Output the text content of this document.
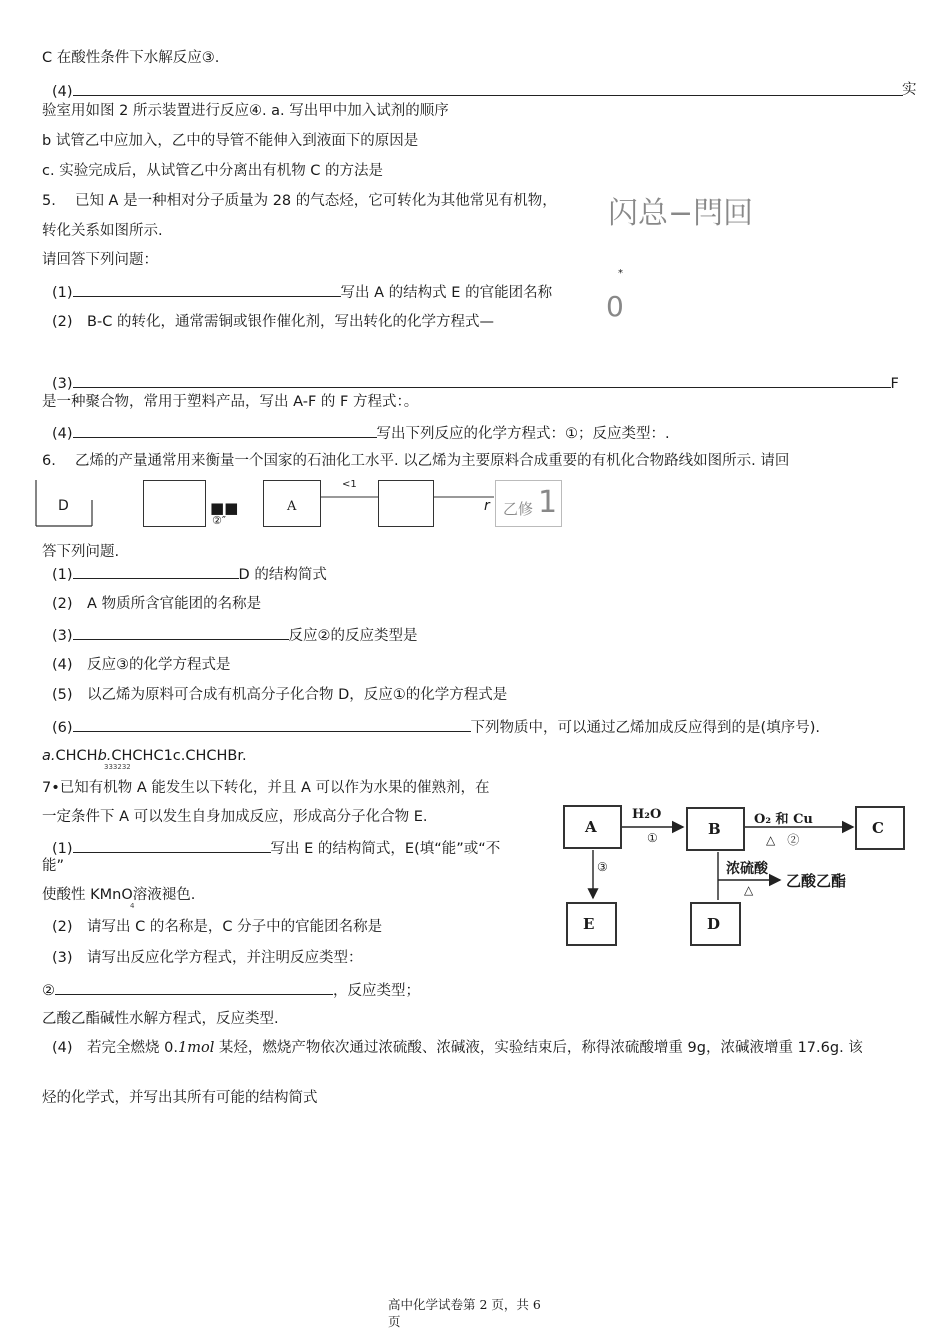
C 在酸性条件下水解反应③.
(4)	实
验室用如图 2 所示装置进行反应④. a. 写出甲中加入试剂的顺序
b 试管乙中应加入，乙中的导管不能伸入到液面下的原因是
c. 实验完成后，从试管乙中分离出有机物 C 的方法是
5.　 已知 A 是一种相对分子质量为 28 的气态烃，它可转化为其他常见有机物，
转化关系如图所示.
请回答下列问题：
闪总−閂回
*
0
(1)	写出 A 的结构式 E 的官能团名称
(2)　B-C 的转化，通常需铜或银作催化剂，写出转化的化学方程式—
(3)	F
是一种聚合物，常用于塑料产品，写出 A-F 的 F 方程式：。
(4)	写出下列反应的化学方程式：①；反应类型：.
6.　 乙烯的产量通常用来衡量一个国家的石油化工水平. 以乙烯为主要原料合成重要的有机化合物路线如图所示. 请回
D	■■
②″
A
<1
r 乙修 1
答下列问题.
(1)	D 的结构简式
(2)　A 物质所含官能团的名称是
(3)	反应②的反应类型是
(4)　反应③的化学方程式是
(5)　以乙烯为原料可合成有机高分子化合物 D，反应①的化学方程式是
(6)	下列物质中，可以通过乙烯加成反应得到的是(填序号).
a.CHCHb.CHCHC1c.CHCHBr.
333232
7•已知有机物 A 能发生以下转化，并且 A 可以作为水果的催熟剂，在
一定条件下 A 可以发生自身加成反应，形成高分子化合物 E.
(1)	写出 E 的结构简式，E(填“能”或“不
能”
使酸性 KMnO溶液褪色.
4
(2)　请写出 C 的名称是，C 分子中的官能团名称是
(3)　请写出反应化学方程式，并注明反应类型：
②	，反应类型；
乙酸乙酯碱性水解方程式，反应类型.
(4)　若完全燃烧 0.1mol 某烃，燃烧产物依次通过浓硫酸、浓碱液，实验结束后，称得浓硫酸增重 9g，浓碱液增重 17.6g. 该
烃的化学式，并写出其所有可能的结构简式
A	B	C
E	D
H₂O
①
O₂ 和 Cu
△　②
③	浓硫酸
△ 乙酸乙酯
高中化学试卷第 2 页，共 6
页
